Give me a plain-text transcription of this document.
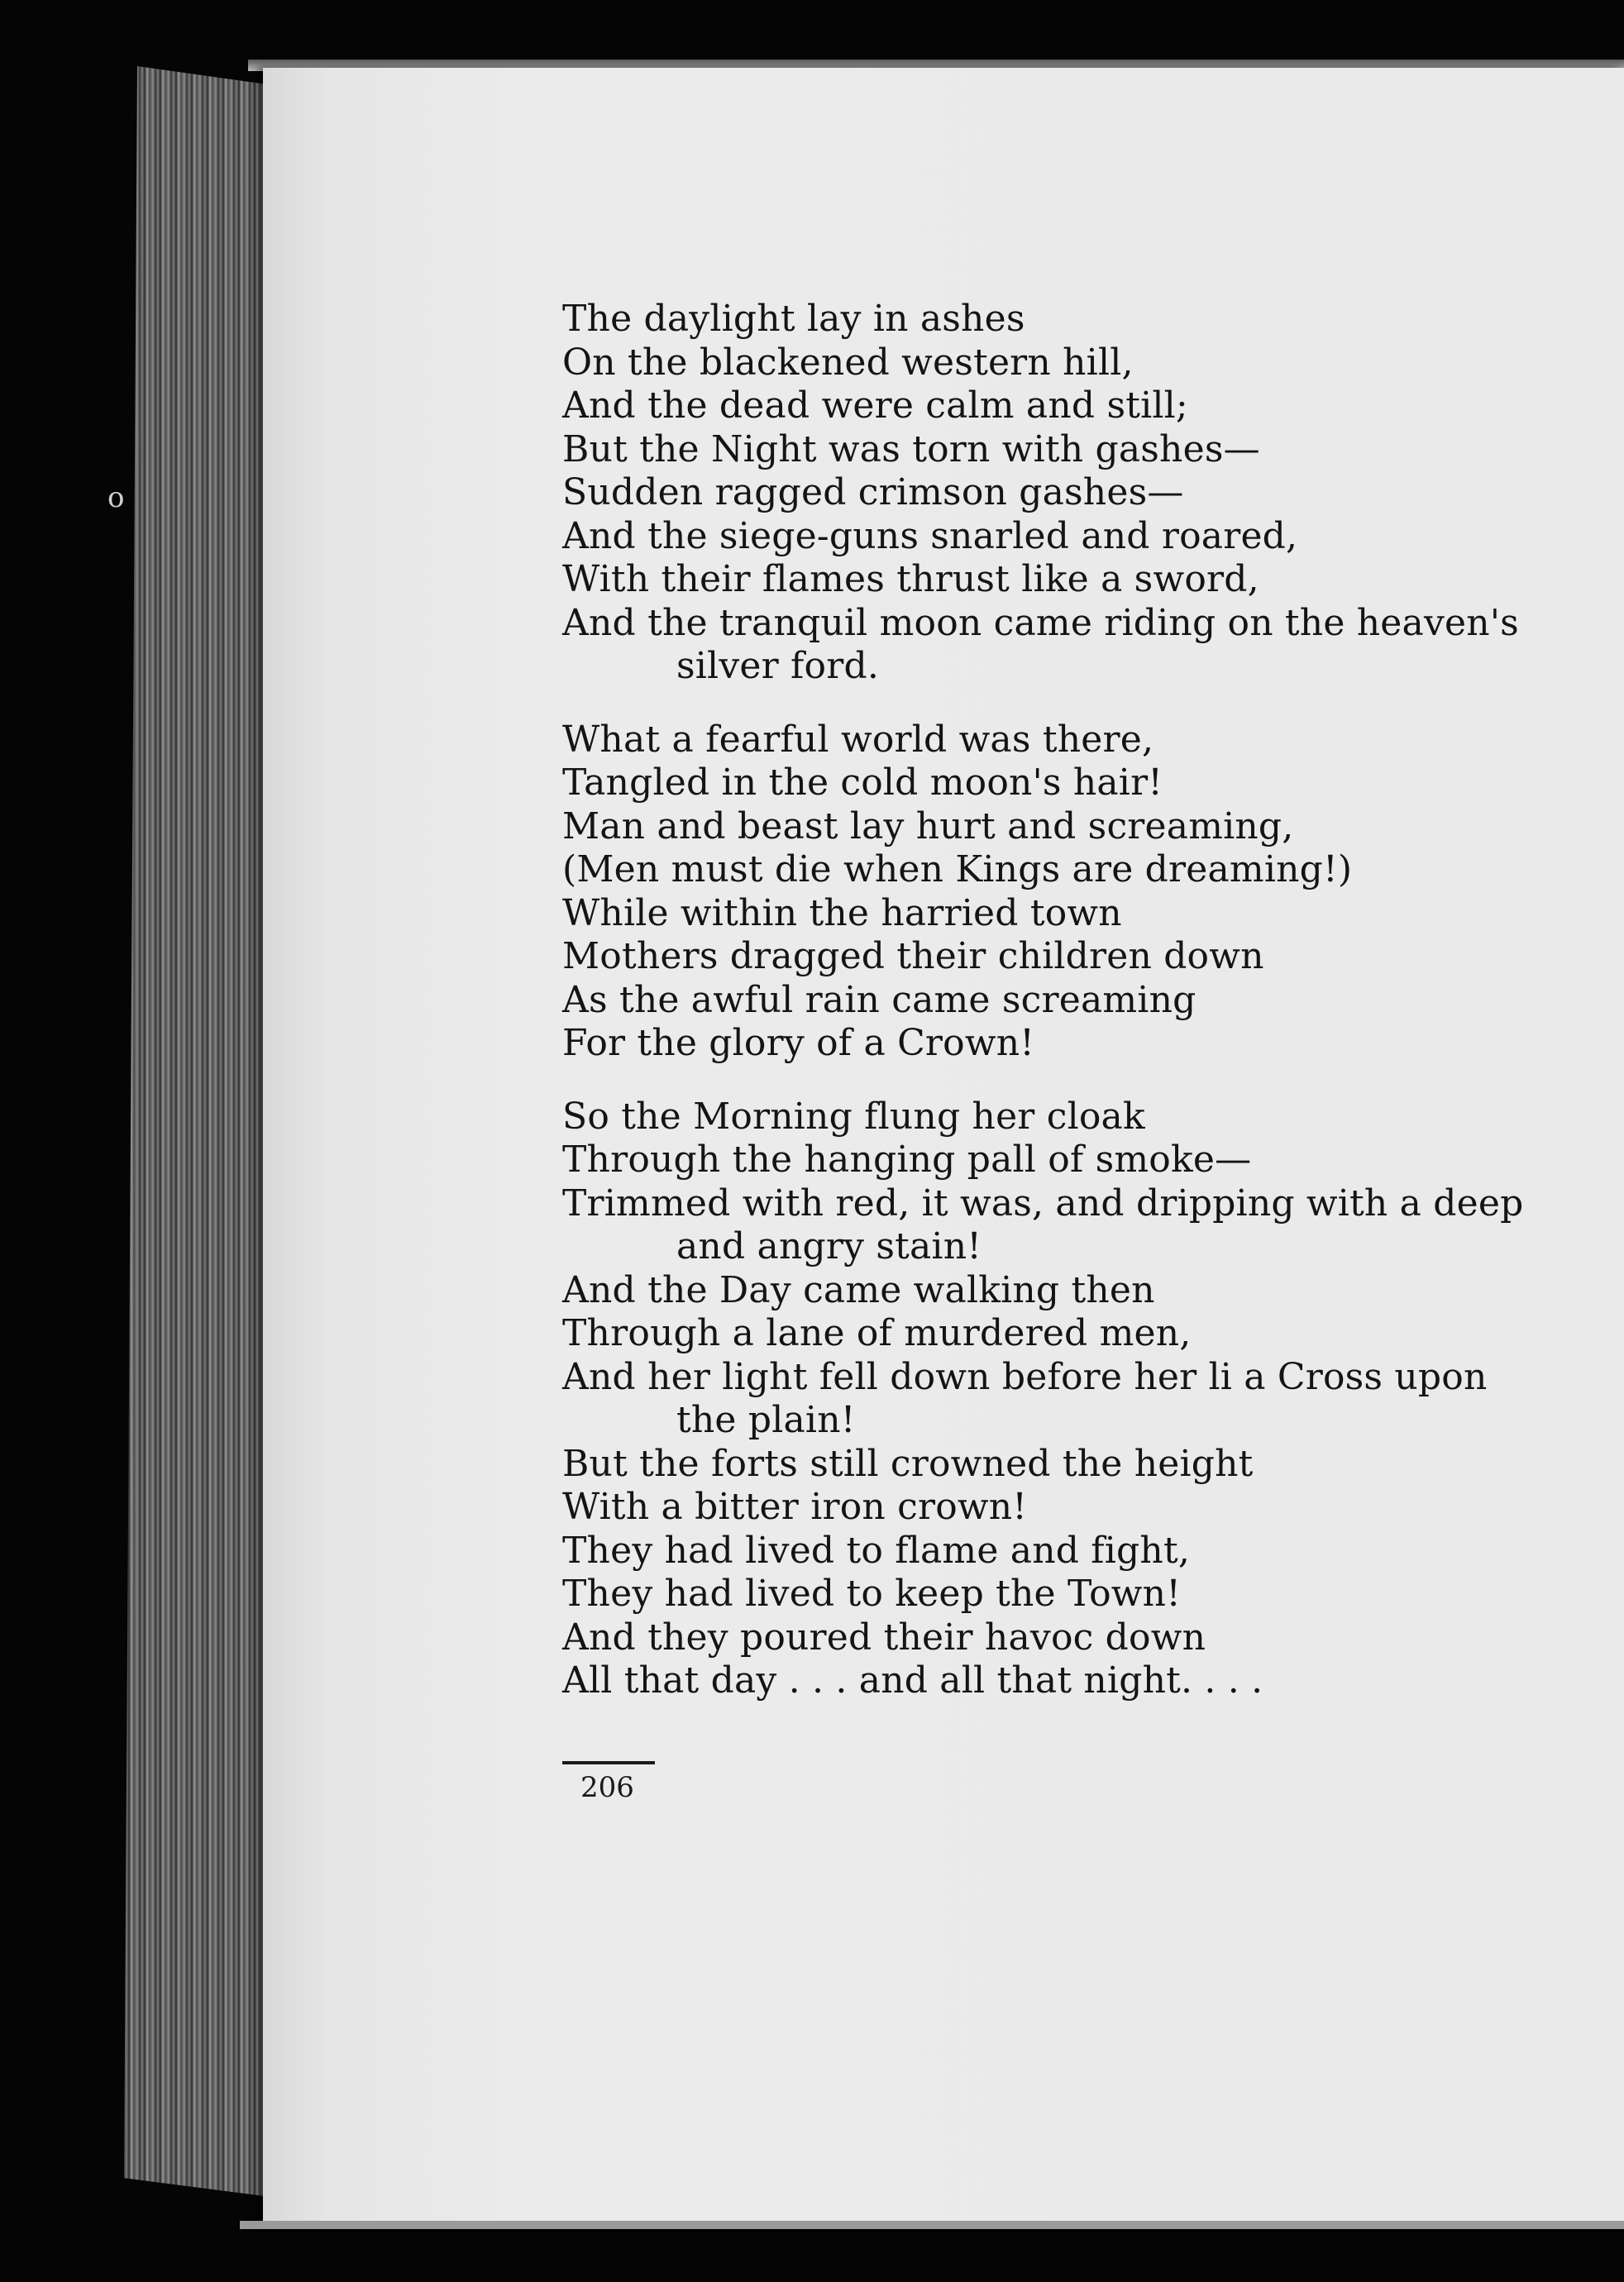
o
The daylight lay in ashes
On the blackened western hill,
And the dead were calm and still;
But the Night was torn with gashes—
Sudden ragged crimson gashes—
And the siege-guns snarled and roared,
With their flames thrust like a sword,
And the tranquil moon came riding on the heaven's
silver ford.
What a fearful world was there,
Tangled in the cold moon's hair!
Man and beast lay hurt and screaming,
(Men must die when Kings are dreaming!)
While within the harried town
Mothers dragged their children down
As the awful rain came screaming
For the glory of a Crown!
So the Morning flung her cloak
Through the hanging pall of smoke—
Trimmed with red, it was, and dripping with a deep
and angry stain!
And the Day came walking then
Through a lane of murdered men,
And her light fell down before her li a Cross upon
the plain!
But the forts still crowned the height
With a bitter iron crown!
They had lived to flame and fight,
They had lived to keep the Town!
And they poured their havoc down
All that day . . . and all that night. . . .
206
